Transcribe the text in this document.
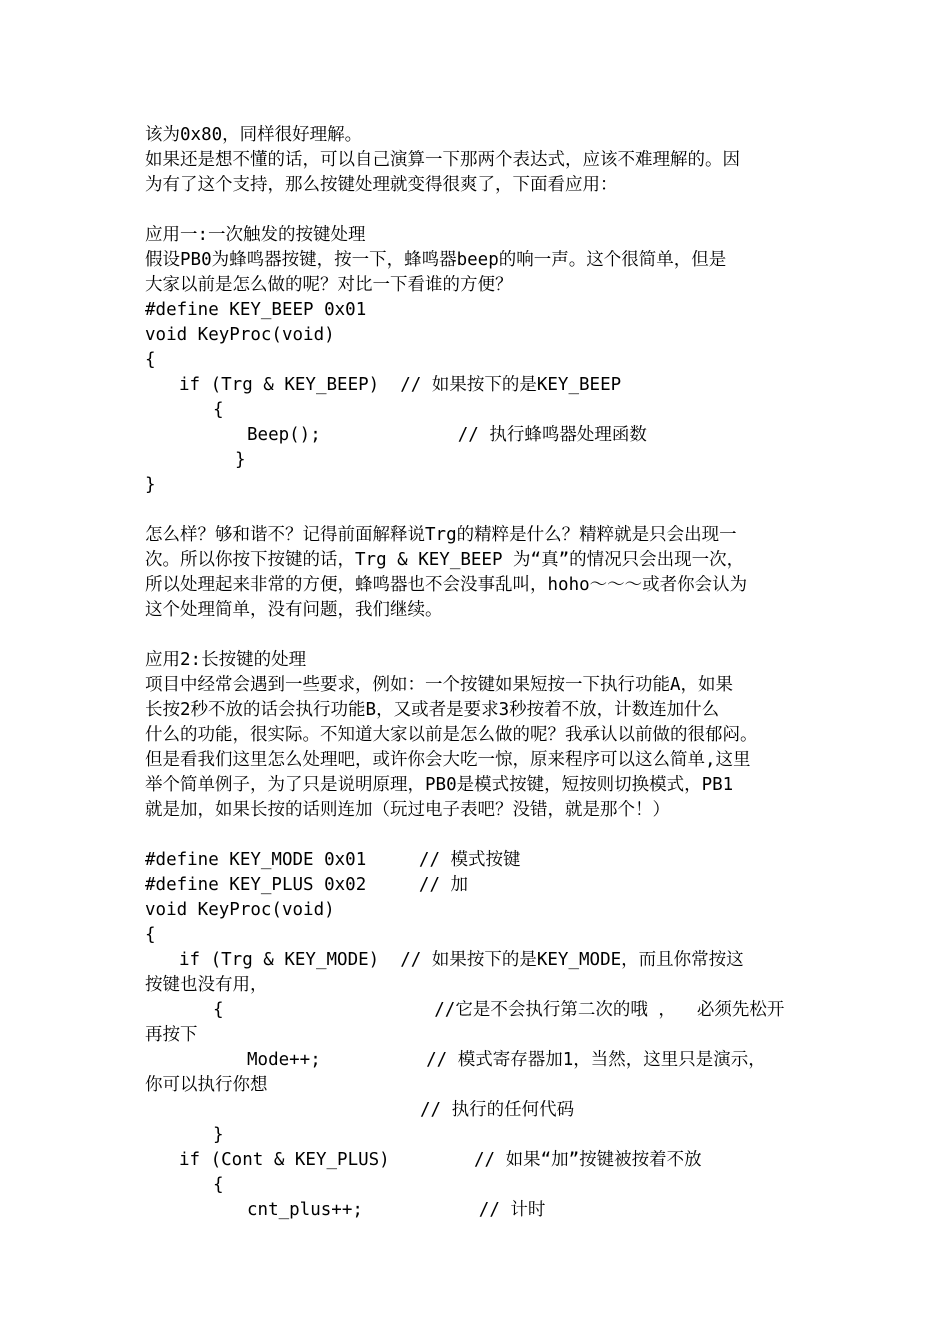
该为0x80，同样很好理解。
如果还是想不懂的话，可以自己演算一下那两个表达式，应该不难理解的。因
为有了这个支持，那么按键处理就变得很爽了，下面看应用：
应用一:一次触发的按键处理
假设PB0为蜂鸣器按键，按一下，蜂鸣器beep的响一声。这个很简单，但是
大家以前是怎么做的呢？对比一下看谁的方便？
#define KEY_BEEP 0x01
void KeyProc(void)
{
if (Trg & KEY_BEEP)  // 如果按下的是KEY_BEEP
{
Beep();             // 执行蜂鸣器处理函数
}
}
怎么样？够和谐不？记得前面解释说Trg的精粹是什么？精粹就是只会出现一
次。所以你按下按键的话，Trg & KEY_BEEP 为“真”的情况只会出现一次，
所以处理起来非常的方便，蜂鸣器也不会没事乱叫，hoho～～～或者你会认为
这个处理简单，没有问题，我们继续。
应用2:长按键的处理
项目中经常会遇到一些要求，例如：一个按键如果短按一下执行功能A，如果
长按2秒不放的话会执行功能B，又或者是要求3秒按着不放，计数连加什么
什么的功能，很实际。不知道大家以前是怎么做的呢？我承认以前做的很郁闷。
但是看我们这里怎么处理吧，或许你会大吃一惊，原来程序可以这么简单,这里
举个简单例子，为了只是说明原理，PB0是模式按键，短按则切换模式，PB1
就是加，如果长按的话则连加（玩过电子表吧？没错，就是那个！）
#define KEY_MODE 0x01     // 模式按键
#define KEY_PLUS 0x02     // 加
void KeyProc(void)
{
if (Trg & KEY_MODE)  // 如果按下的是KEY_MODE，而且你常按这
按键也没有用，
{                    //它是不会执行第二次的哦 ，  必须先松开
再按下
Mode++;          // 模式寄存器加1，当然，这里只是演示，
你可以执行你想
// 执行的任何代码
}
if (Cont & KEY_PLUS)        // 如果“加”按键被按着不放
{
cnt_plus++;           // 计时
